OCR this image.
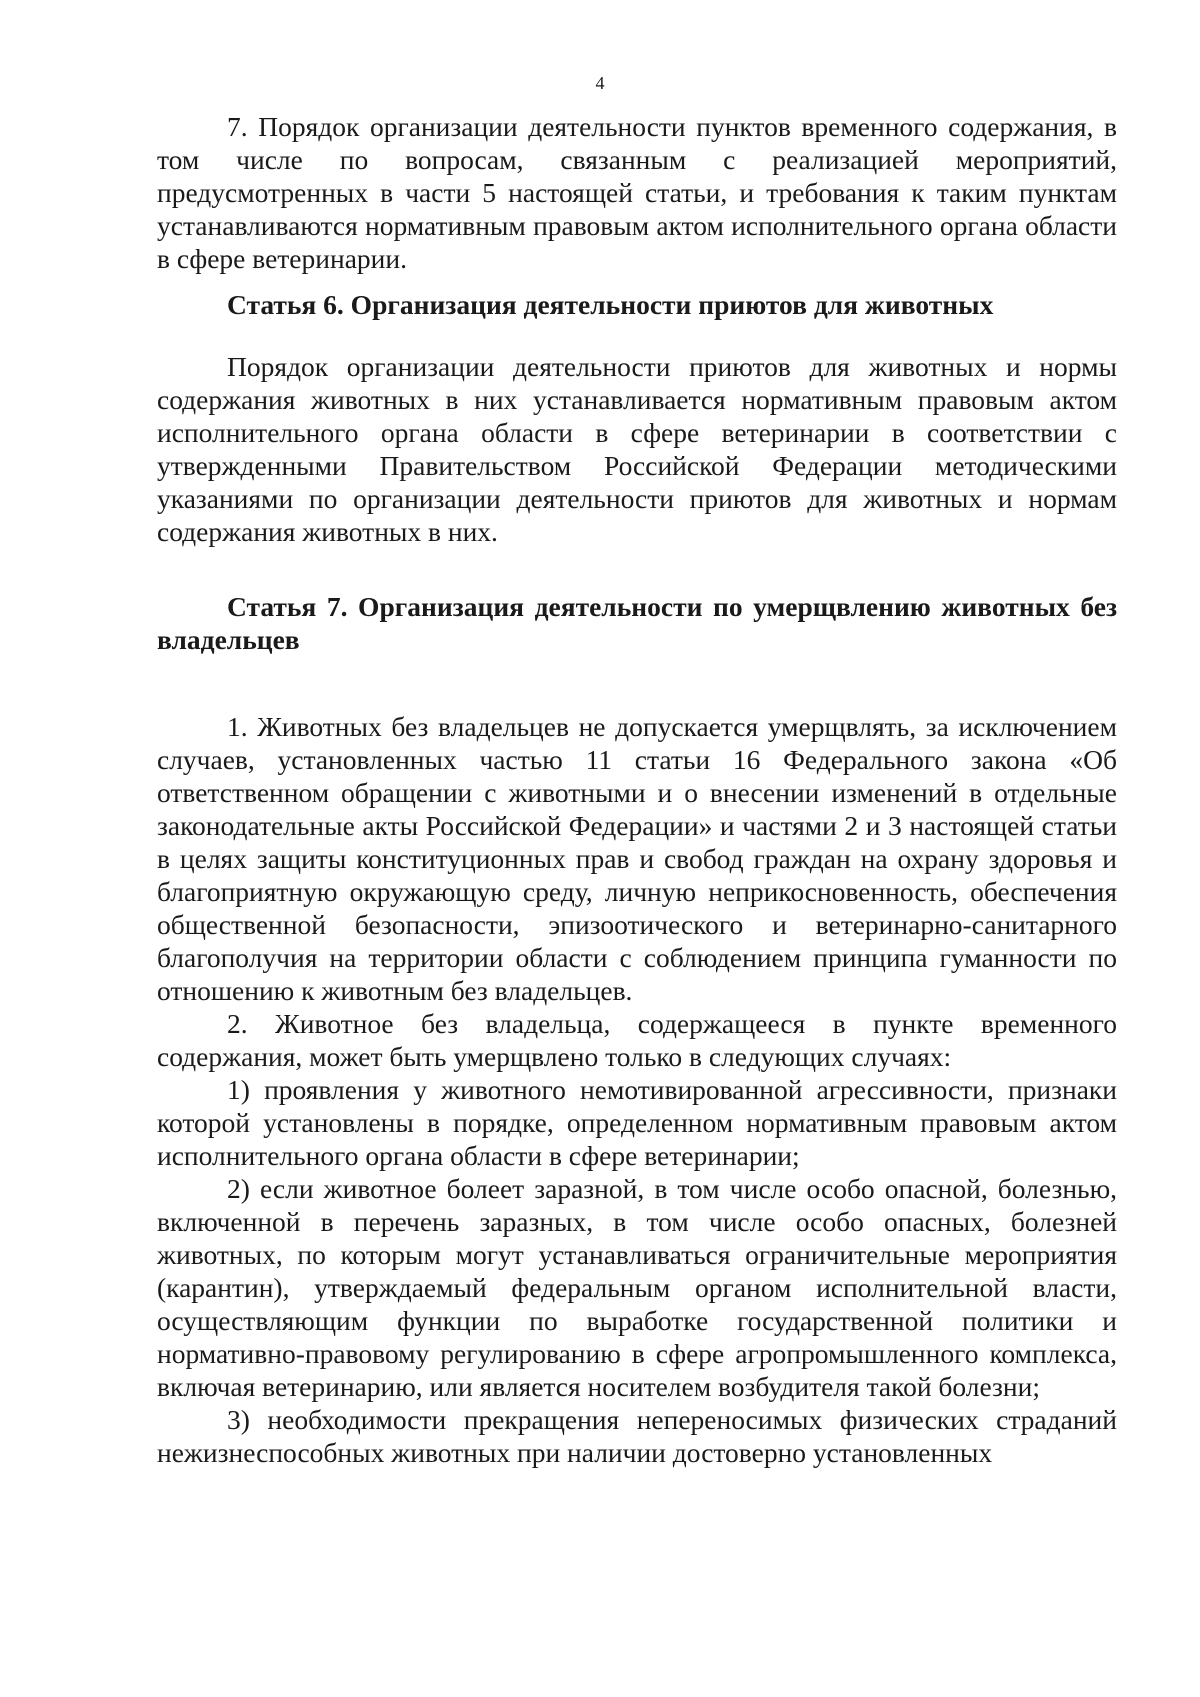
4

7. Порядок организации деятельности пунктов временного содержания, в том числе по вопросам, связанным с реализацией мероприятий, предусмотренных в части 5 настоящей статьи, и требования к таким пунктам устанавливаются нормативным правовым актом исполнительного органа области в сфере ветеринарии.

Статья 6. Организация деятельности приютов для животных

Порядок организации деятельности приютов для животных и нормы содержания животных в них устанавливается нормативным правовым актом исполнительного органа области в сфере ветеринарии в соответствии с утвержденными Правительством Российской Федерации методическими указаниями по организации деятельности приютов для животных и нормам содержания животных в них.

Статья 7. Организация деятельности по умерщвлению животных без владельцев

1. Животных без владельцев не допускается умерщвлять, за исключением случаев, установленных частью 11 статьи 16 Федерального закона «Об ответственном обращении с животными и о внесении изменений в отдельные законодательные акты Российской Федерации» и частями 2 и 3 настоящей статьи в целях защиты конституционных прав и свобод граждан на охрану здоровья и благоприятную окружающую среду, личную неприкосновенность, обеспечения общественной безопасности, эпизоотического и ветеринарно-санитарного благополучия на территории области с соблюдением принципа гуманности по отношению к животным без владельцев.

2. Животное без владельца, содержащееся в пункте временного содержания, может быть умерщвлено только в следующих случаях:

1) проявления у животного немотивированной агрессивности, признаки которой установлены в порядке, определенном нормативным правовым актом исполнительного органа области в сфере ветеринарии;

2) если животное болеет заразной, в том числе особо опасной, болезнью, включенной в перечень заразных, в том числе особо опасных, болезней животных, по которым могут устанавливаться ограничительные мероприятия (карантин), утверждаемый федеральным органом исполнительной власти, осуществляющим функции по выработке государственной политики и нормативно-правовому регулированию в сфере агропромышленного комплекса, включая ветеринарию, или является носителем возбудителя такой болезни;

3) необходимости прекращения непереносимых физических страданий нежизнеспособных животных при наличии достоверно установленных
